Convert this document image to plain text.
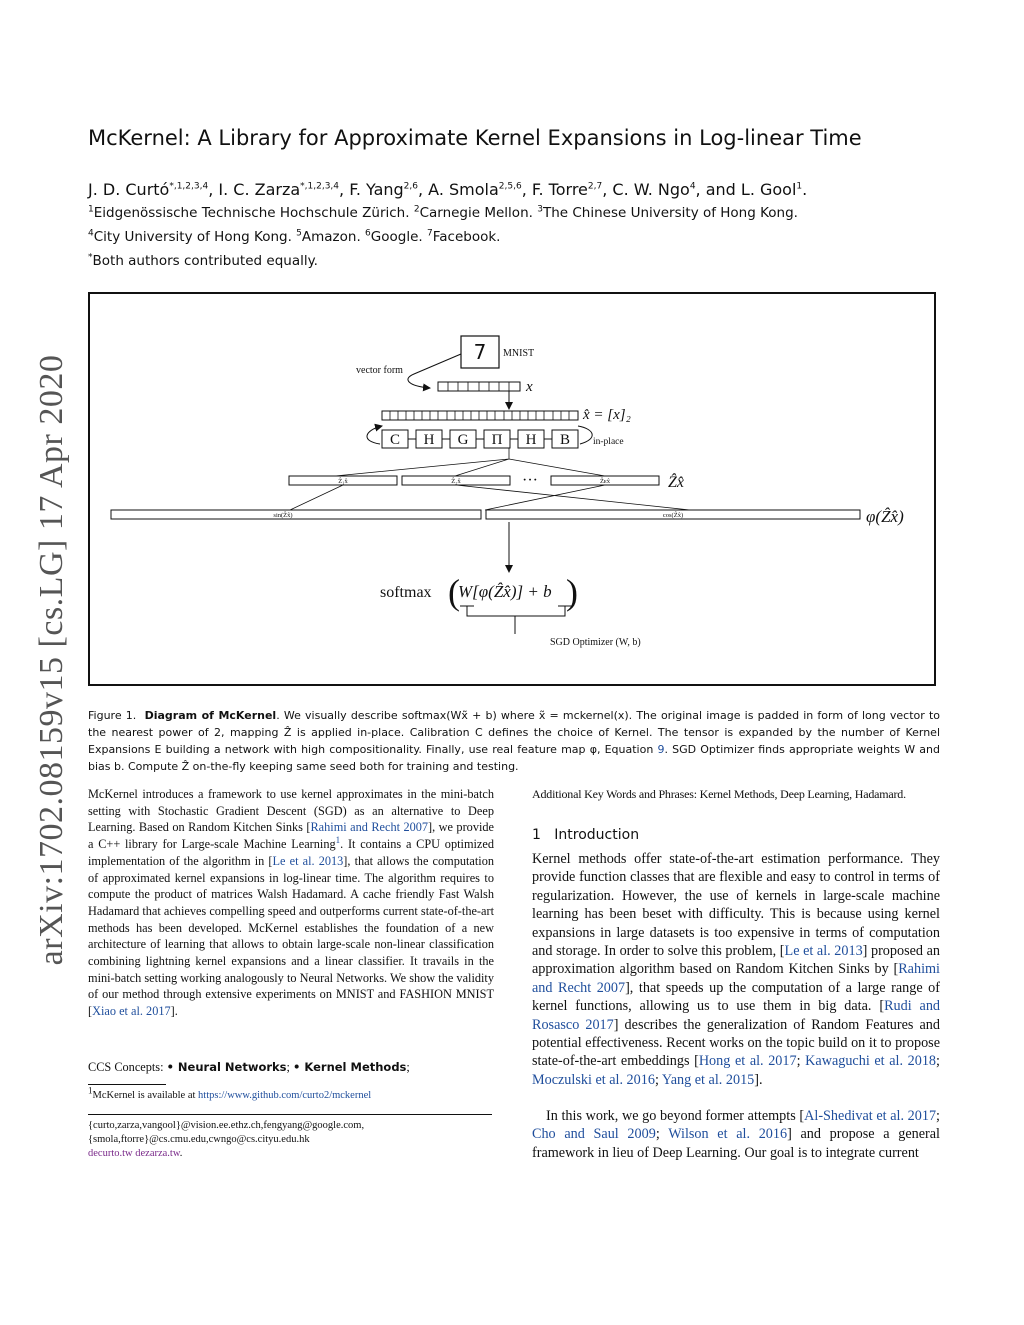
arXiv:1702.08159v15 [cs.LG] 17 Apr 2020
McKernel: A Library for Approximate Kernel Expansions in Log-linear Time
J. D. Curtó$^{*,1,2,3,4}$, I. C. Zarza$^{*,1,2,3,4}$, F. Yang$^{2,6}$, A. Smola$^{2,5,6}$, F. Torre$^{2,7}$, C. W. Ngo$^4$, and L. Gool$^1$.
$^1$Eidgenössische Technische Hochschule Zürich. $^2$Carnegie Mellon. $^3$The Chinese University of Hong Kong.
$^4$City University of Hong Kong. $^5$Amazon. $^6$Google. $^7$Facebook.
*Both authors contributed equally.
7 MNIST
vector form
x
x̂ = [x]₂
C H G Π H B in-place
Ẑ₁x̂	Ẑ₂x̂	···	Ẑᴇx̂	Ẑx̂
sin(Ẑx̂)	cos(Ẑx̂)	φ(Ẑx̂)
softmax (
W[φ(Ẑx̂)] + b )
SGD Optimizer (W, b)
Figure 1. Diagram of McKernel. We visually describe softmax(Wx̃ + b) where x̃ = mckernel(x). The original image is padded in form of long vector to the nearest power of 2, mapping Ẑ is applied in-place. Calibration C defines the choice of Kernel. The tensor is expanded by the number of Kernel Expansions E building a network with high compositionality. Finally, use real feature map φ, Equation 9. SGD Optimizer finds appropriate weights W and bias b. Compute Ẑ on-the-fly keeping same seed both for training and testing.
McKernel introduces a framework to use kernel approximates in the mini-batch setting with Stochastic Gradient Descent (SGD) as an alternative to Deep Learning. Based on Random Kitchen Sinks [Rahimi and Recht 2007], we provide a C++ library for Large-scale Machine Learning$^1$. It contains a CPU optimized implementation of the algorithm in [Le et al. 2013], that allows the computation of approximated kernel expansions in log-linear time. The algorithm requires to compute the product of matrices Walsh Hadamard. A cache friendly Fast Walsh Hadamard that achieves compelling speed and outperforms current state-of-the-art methods has been developed. McKernel establishes the foundation of a new architecture of learning that allows to obtain large-scale non-linear classification combining lightning kernel expansions and a linear classifier. It travails in the mini-batch setting working analogously to Neural Networks. We show the validity of our method through extensive experiments on MNIST and FASHION MNIST [Xiao et al. 2017].
CCS Concepts: • Neural Networks; • Kernel Methods;
$^1$McKernel is available at https://www.github.com/curto2/mckernel
{curto,zarza,vangool}@vision.ee.ethz.ch,fengyang@google.com,
{smola,ftorre}@cs.cmu.edu,cwngo@cs.cityu.edu.hk
decurto.tw dezarza.tw.
Additional Key Words and Phrases: Kernel Methods, Deep Learning, Hadamard.
1 Introduction
Kernel methods offer state-of-the-art estimation performance. They provide function classes that are flexible and easy to control in terms of regularization. However, the use of kernels in large-scale machine learning has been beset with difficulty. This is because using kernel expansions in large datasets is too expensive in terms of computation and storage. In order to solve this problem, [Le et al. 2013] proposed an approximation algorithm based on Random Kitchen Sinks by [Rahimi and Recht 2007], that speeds up the computation of a large range of kernel functions, allowing us to use them in big data. [Rudi and Rosasco 2017] describes the generalization of Random Features and potential effectiveness. Recent works on the topic build on it to propose state-of-the-art embeddings [Hong et al. 2017; Kawaguchi et al. 2018; Moczulski et al. 2016; Yang et al. 2015].
In this work, we go beyond former attempts [Al-Shedivat et al. 2017; Cho and Saul 2009; Wilson et al. 2016] and propose a general framework in lieu of Deep Learning. Our goal is to integrate current
